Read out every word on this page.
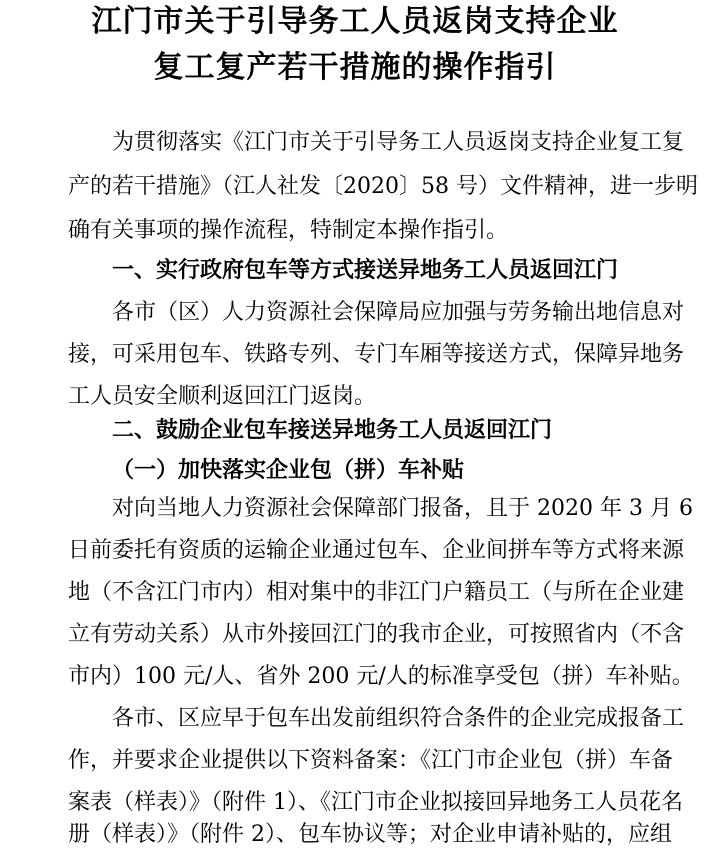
江门市关于引导务工人员返岗支持企业
复工复产若干措施的操作指引
为贯彻落实《江门市关于引导务工人员返岗支持企业复工复
产的若干措施》（江人社发〔2020〕58 号）文件精神，进一步明
确有关事项的操作流程，特制定本操作指引。
一、实行政府包车等方式接送异地务工人员返回江门
各市（区）人力资源社会保障局应加强与劳务输出地信息对
接，可采用包车、铁路专列、专门车厢等接送方式，保障异地务
工人员安全顺利返回江门返岗。
二、鼓励企业包车接送异地务工人员返回江门
（一）加快落实企业包（拼）车补贴
对向当地人力资源社会保障部门报备，且于 2020 年 3 月 6
日前委托有资质的运输企业通过包车、企业间拼车等方式将来源
地（不含江门市内）相对集中的非江门户籍员工（与所在企业建
立有劳动关系）从市外接回江门的我市企业，可按照省内（不含
市内）100 元/人、省外 200 元/人的标准享受包（拼）车补贴。
各市、区应早于包车出发前组织符合条件的企业完成报备工
作，并要求企业提供以下资料备案：《江门市企业包（拼）车备
案表（样表）》（附件 1）、《江门市企业拟接回异地务工人员花名
册（样表）》（附件 2）、包车协议等；对企业申请补贴的，应组
